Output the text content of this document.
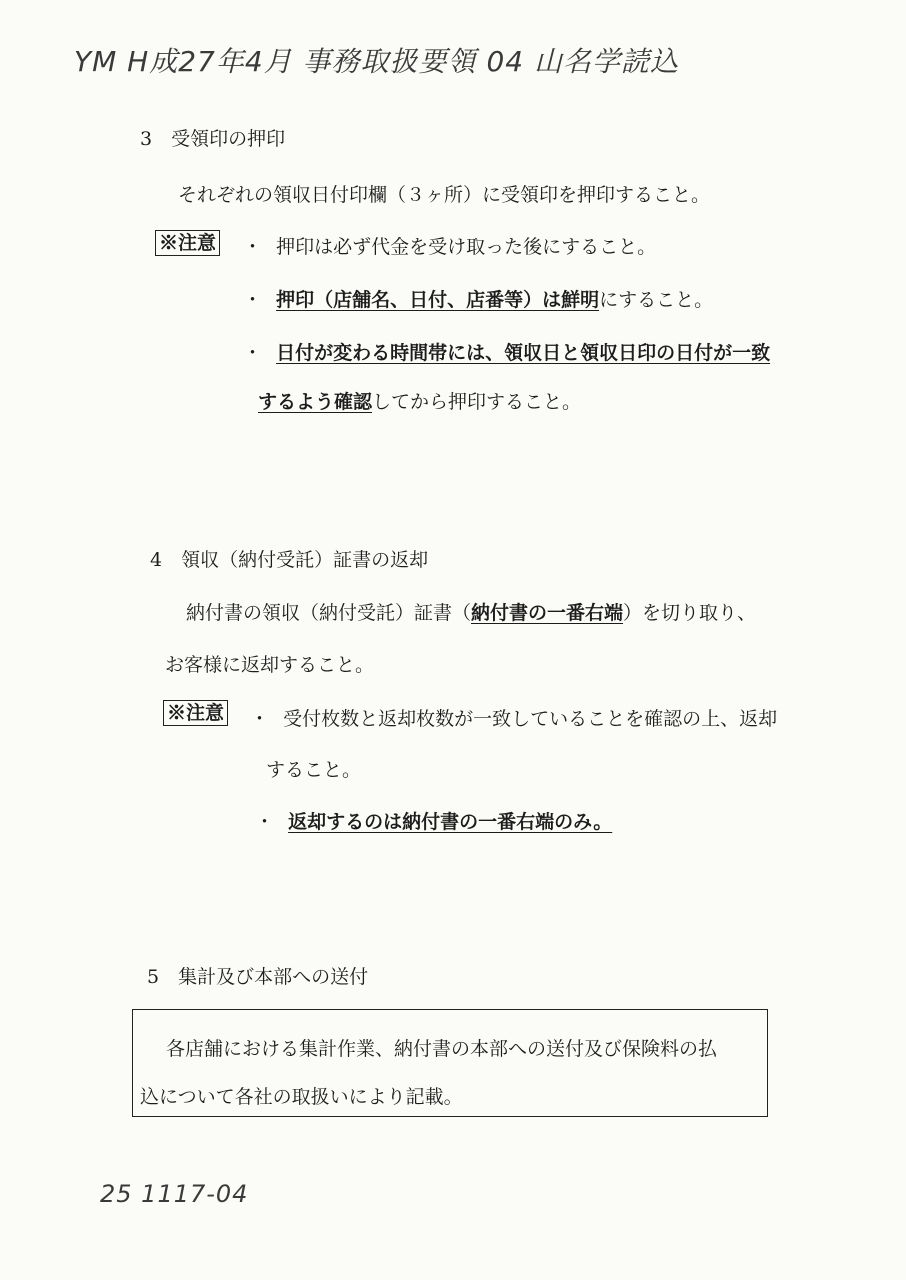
YM H成27年4月 事務取扱要領 04 山名学読込
3　受領印の押印
それぞれの領収日付印欄（３ヶ所）に受領印を押印すること。
※注意 ・ 押印は必ず代金を受け取った後にすること。
・ 押印（店舗名、日付、店番等）は鮮明にすること。
・ 日付が変わる時間帯には、領収日と領収日印の日付が一致
するよう確認してから押印すること。
4　領収（納付受託）証書の返却
納付書の領収（納付受託）証書（納付書の一番右端）を切り取り、
お客様に返却すること。
※注意 ・ 受付枚数と返却枚数が一致していることを確認の上、返却
すること。
・ 返却するのは納付書の一番右端のみ。
5　集計及び本部への送付
各店舗における集計作業、納付書の本部への送付及び保険料の払
込について各社の取扱いにより記載。
25 1117-04
